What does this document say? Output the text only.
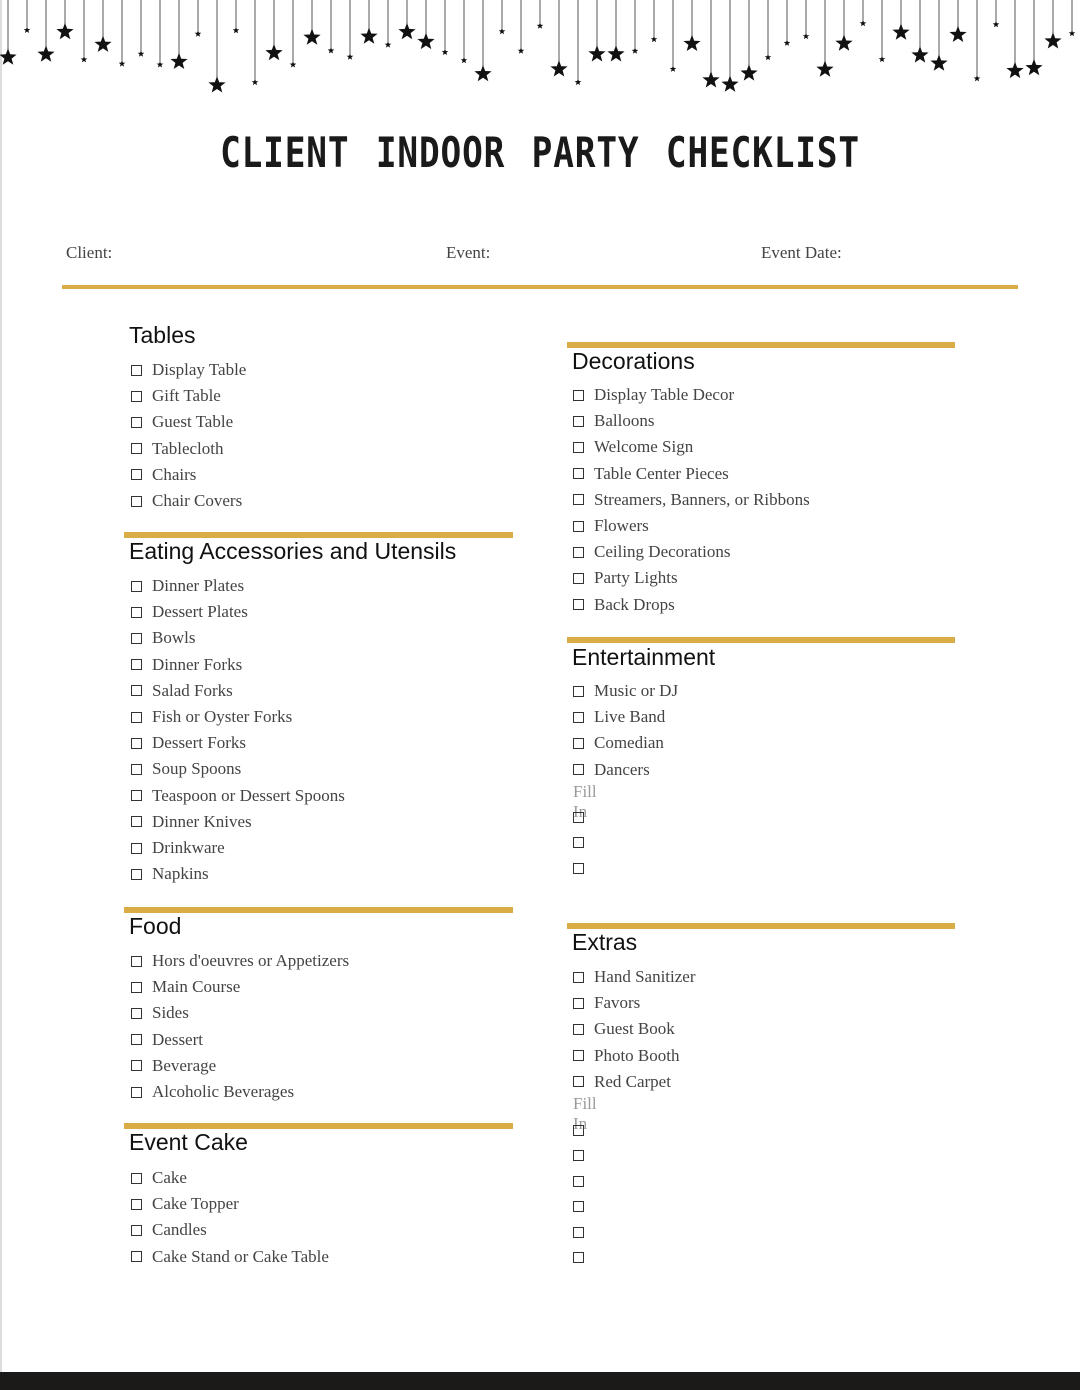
CLIENT INDOOR PARTY CHECKLIST
Client:	Event:	Event Date:
Tables
Display Table
Gift Table
Guest Table
Tablecloth
Chairs
Chair Covers
Eating Accessories and Utensils
Dinner Plates
Dessert Plates
Bowls
Dinner Forks
Salad Forks
Fish or Oyster Forks
Dessert Forks
Soup Spoons
Teaspoon or Dessert Spoons
Dinner Knives
Drinkware
Napkins
Food
Hors d'oeuvres or Appetizers
Main Course
Sides
Dessert
Beverage
Alcoholic Beverages
Event Cake
Cake
Cake Topper
Candles
Cake Stand or Cake Table
Decorations
Display Table Decor
Balloons
Welcome Sign
Table Center Pieces
Streamers, Banners, or Ribbons
Flowers
Ceiling Decorations
Party Lights
Back Drops
Entertainment
Fill In
Music or DJ
Live Band
Comedian
Dancers
Extras
Fill In
Hand Sanitizer
Favors
Guest Book
Photo Booth
Red Carpet
